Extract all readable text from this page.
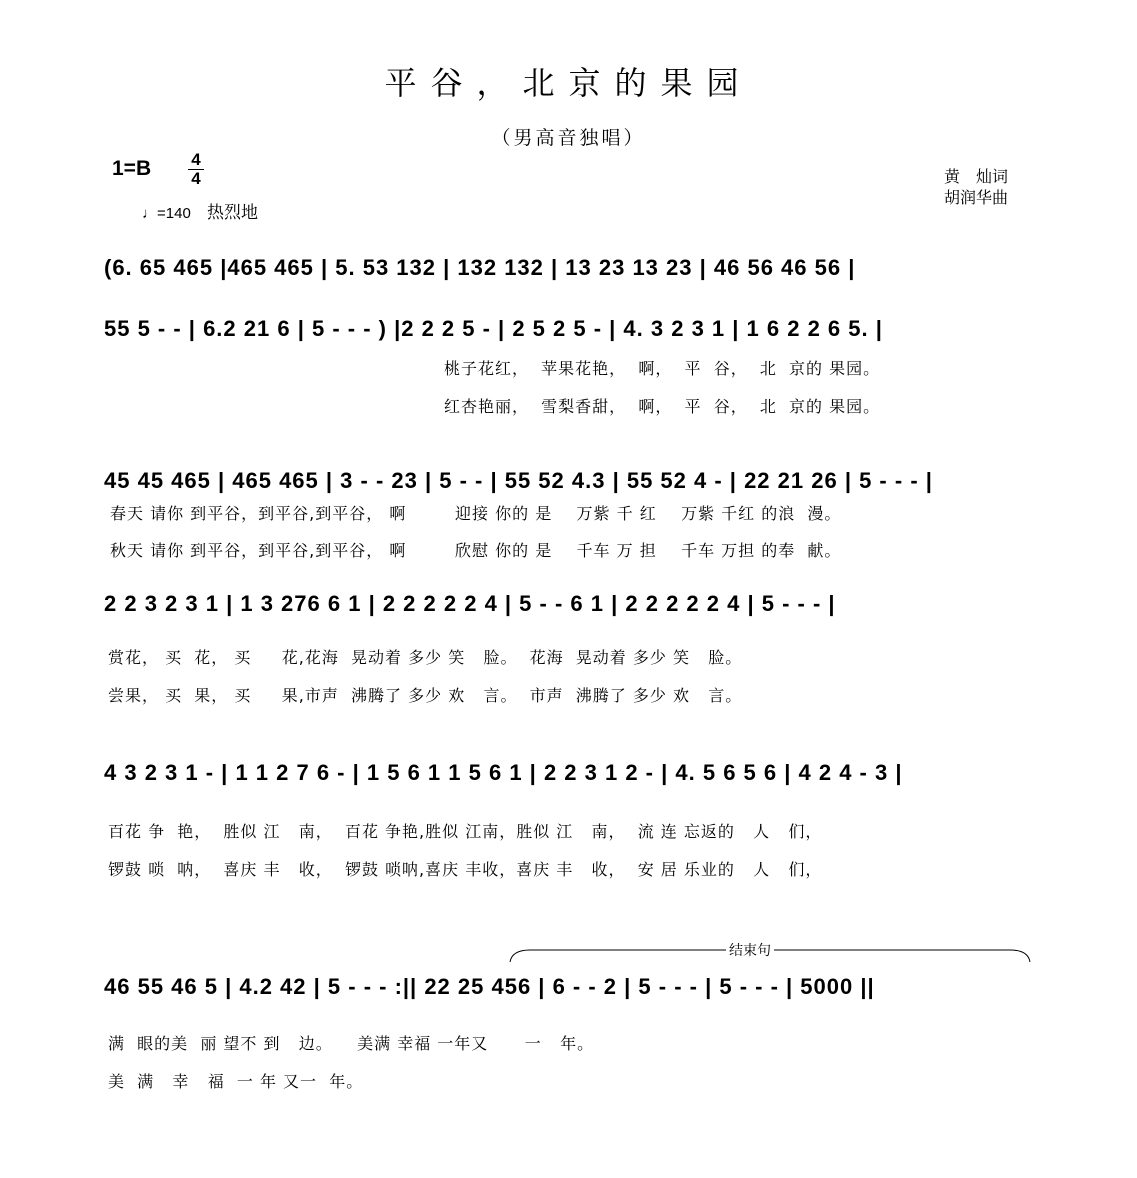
平谷，北京的果园
（男高音独唱）
1=B	4
4
♩=140 热烈地
黄　灿词
胡润华曲
(6. 65 465 |465 465 | 5. 53 132 | 132 132 | 13 23 13 23 | 46 56 46 56 |
55 5 - - | 6.2 21 6 | 5 - - - ) |2 2 2 5 - | 2 5 2 5 - | 4. 3 2 3 1 | 1 6 2 2 6 5. |
桃子花红，  苹果花艳，  啊，  平  谷，  北  京的 果园。
红杏艳丽，  雪梨香甜，  啊，  平  谷，  北  京的 果园。
45 45 465 | 465 465 | 3 - - 23 | 5 - - | 55 52 4.3 | 55 52 4 - | 22 21 26 | 5 - - - |
春天 请你 到平谷，到平谷,到平谷， 啊        迎接 你的 是    万紫 千 红    万紫 千红 的浪  漫。
秋天 请你 到平谷，到平谷,到平谷， 啊        欣慰 你的 是    千车 万 担    千车 万担 的奉  献。
2 2 3 2 3 1 | 1 3 276 6 1 | 2 2 2 2 2 4 | 5 - - 6 1 | 2 2 2 2 2 4 | 5 - - - |
赏花， 买  花， 买     花,花海  晃动着 多少 笑   脸。  花海  晃动着 多少 笑   脸。
尝果， 买  果， 买     果,市声  沸腾了 多少 欢   言。  市声  沸腾了 多少 欢   言。
4 3 2 3 1 - | 1 1 2 7 6 - | 1 5 6 1 1 5 6 1 | 2 2 3 1 2 - | 4. 5 6 5 6 | 4 2 4 - 3 |
百花 争  艳，  胜似 江   南，  百花 争艳,胜似 江南，胜似 江   南，  流 连 忘返的   人   们，
锣鼓 唢  呐，  喜庆 丰   收，  锣鼓 唢呐,喜庆 丰收，喜庆 丰   收，  安 居 乐业的   人   们，
46 55 46 5 | 4.2 42 | 5 - - - :|| 22 25 456 | 6 - - 2 | 5 - - - | 5 - - - | 5000 ||
满  眼的美  丽 望不 到   边。    美满 幸福 一年又      一   年。
美  满   幸   福  一 年 又一  年。
结束句
